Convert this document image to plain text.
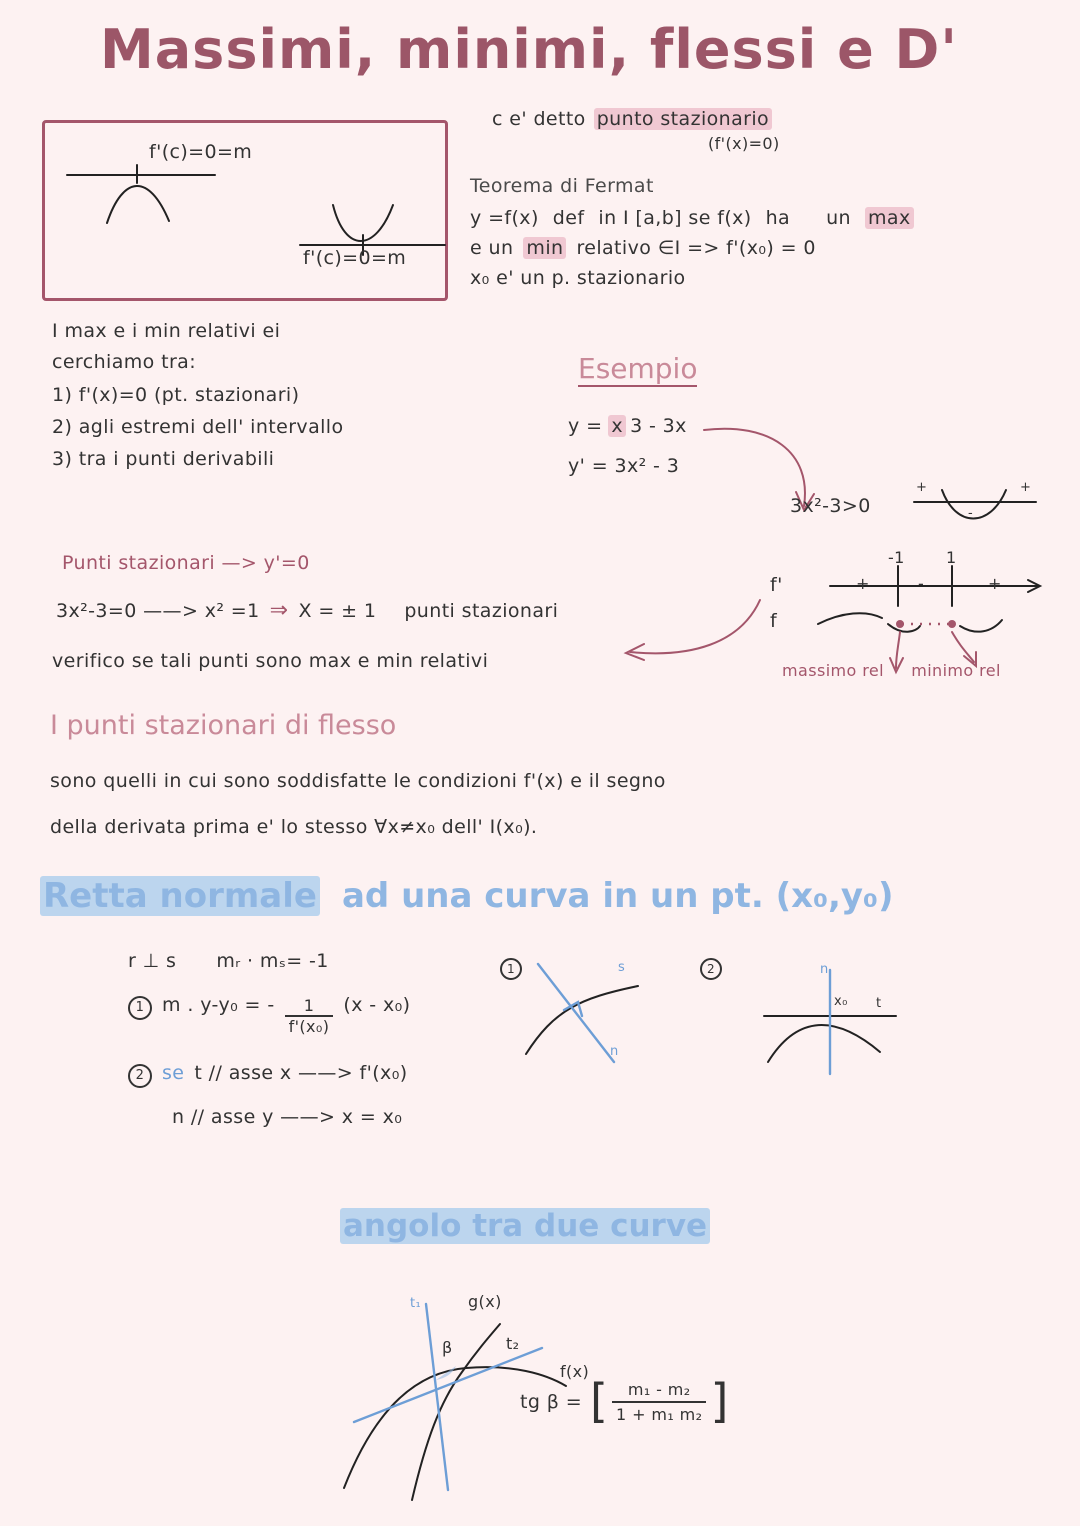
Massimi, minimi, flessi e D'
f'(c)=0=m
f'(c)=0=m
c e' detto punto stazionario
(f'(x)=0)
Teorema di Fermat
y =f(x) def in I [a,b] se f(x) ha un max
e un min relativo ∈I => f'(x₀) = 0
x₀ e' un p. stazionario
I max e i min relativi ei
cerchiamo tra:
1) f'(x)=0 (pt. stazionari)
2) agli estremi dell' intervallo
3) tra i punti derivabili
Esempio
y = x 3 - 3x
y' = 3x² - 3
3x²-3>0
+
-
+
f'
f
-1	1
+	-	+
massimo rel	minimo rel
Punti stazionari —> y'=0
3x²-3=0 ——> x² =1 ⇒ X = ± 1 punti stazionari
verifico se tali punti sono max e min relativi
I punti stazionari di flesso
sono quelli in cui sono soddisfatte le condizioni f'(x) e il segno
della derivata prima e' lo stesso ∀x≠x₀ dell' I(x₀).
Retta normale ad una curva in un pt. (x₀,y₀)
r ⊥ s mᵣ · mₛ= -1
1 m . y-y₀ = - $\frac{1}{\text{f'(x₀)}} (x - x_0)$
2 se t // asse x ——> f'(x₀)
n // asse y ——> x = x₀
1	s
n
2	n
x₀ t
angolo tra due curve
t₁	g(x)
t₂
f(x)
β
tg β = [ $\frac{\text{m₁ - m₂}}{\text{1 + m₁ m₂}}$ ]
